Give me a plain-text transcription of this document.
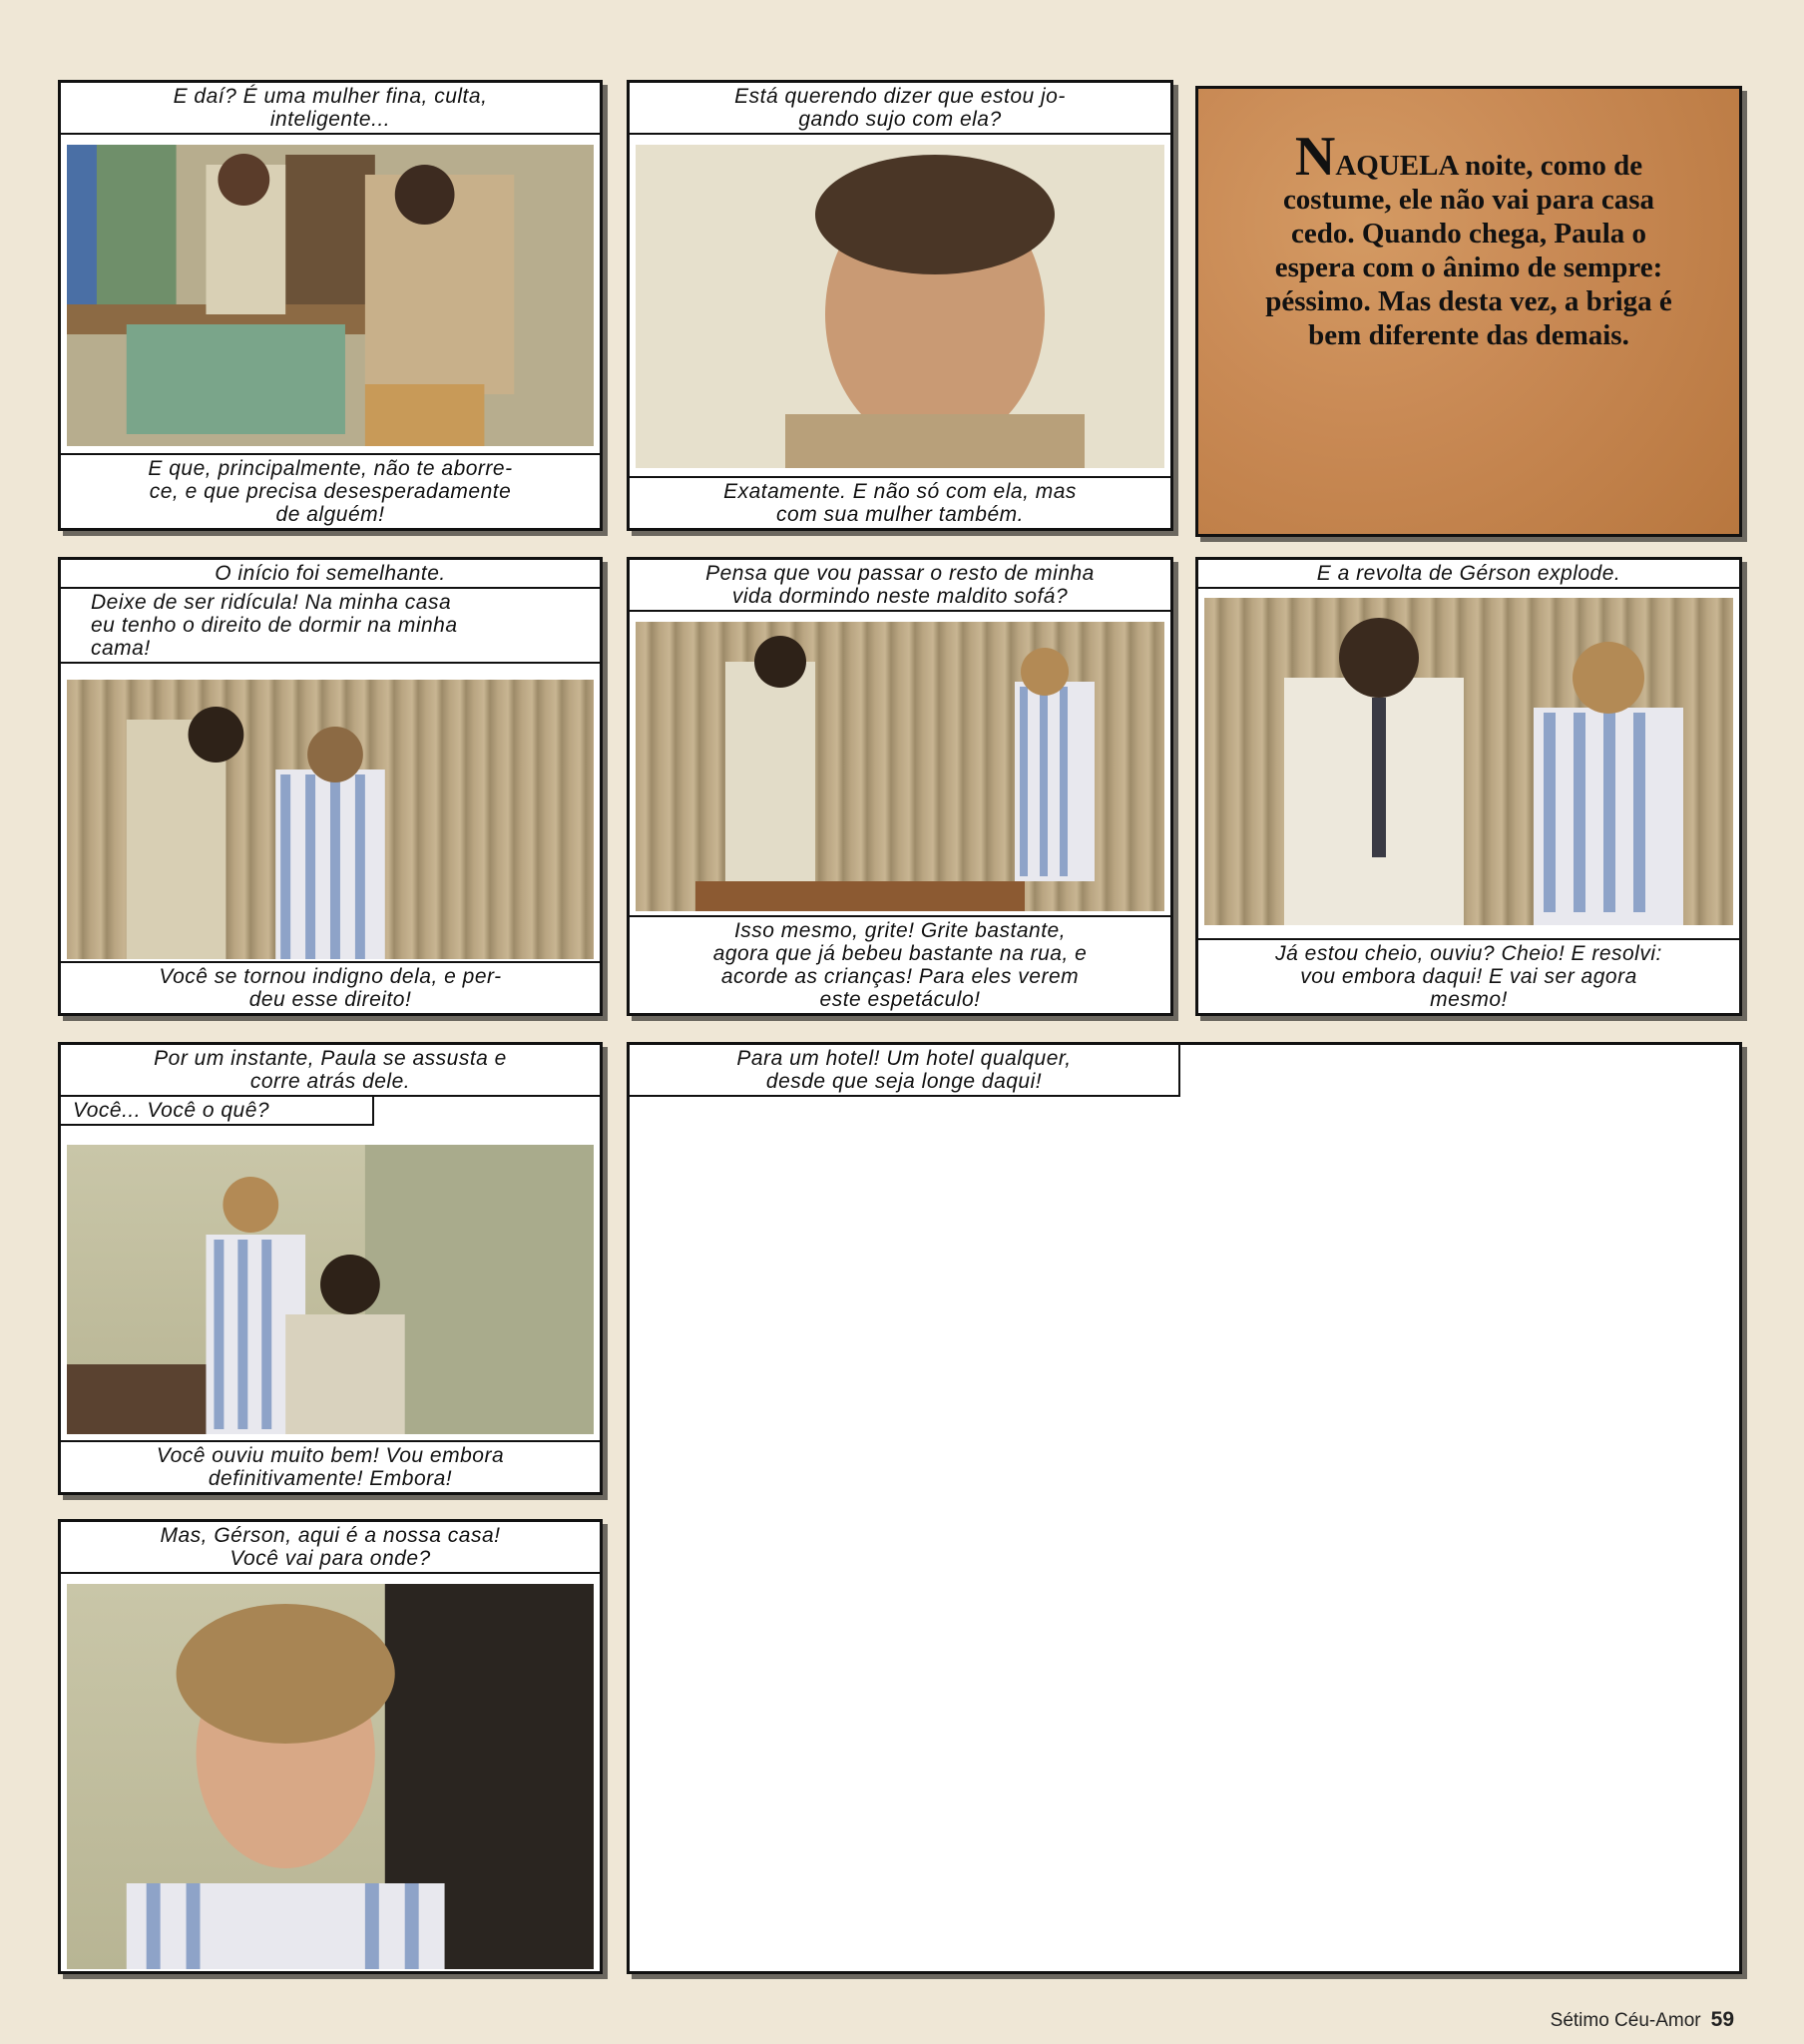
E daí? É uma mulher fina, culta,
inteligente...
E que, principalmente, não te aborre-
ce, e que precisa desesperadamente
de alguém!
Está querendo dizer que estou jo-
gando sujo com ela?
Exatamente. E não só com ela, mas
com sua mulher também.
NAQUELA noite, como de costume, ele não vai para casa cedo. Quando chega, Paula o espera com o ânimo de sempre: péssimo. Mas desta vez, a briga é bem diferente das demais.
O início foi semelhante.
Deixe de ser ridícula! Na minha casa
eu tenho o direito de dormir na minha
cama!
Você se tornou indigno dela, e per-
deu esse direito!
Pensa que vou passar o resto de minha
vida dormindo neste maldito sofá?
Isso mesmo, grite! Grite bastante,
agora que já bebeu bastante na rua, e
acorde as crianças! Para eles verem
este espetáculo!
E a revolta de Gérson explode.
Já estou cheio, ouviu? Cheio! E resolvi:
vou embora daqui! E vai ser agora
mesmo!
Por um instante, Paula se assusta e
corre atrás dele.
Você... Você o quê?
Você ouviu muito bem! Vou embora
definitivamente! Embora!
Mas, Gérson, aqui é a nossa casa!
Você vai para onde?
Para um hotel! Um hotel qualquer,
desde que seja longe daqui!
Sétimo Céu-Amor 59
